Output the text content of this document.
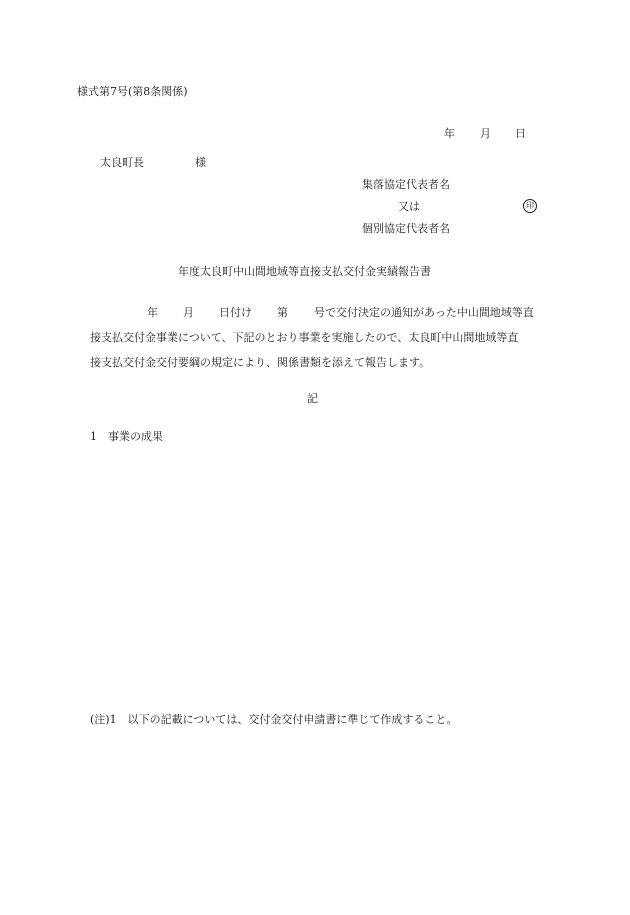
様式第7号(第8条関係)
年 月 日
太良町長	様
集落協定代表者名
又は	印
個別協定代表者名
年度太良町中山間地域等直接支払交付金実績報告書
年 月 日付け 第 号で交付決定の通知があった中山間地域等直
接支払交付金事業について、下記のとおり事業を実施したので、太良町中山間地域等直
接支払交付金交付要綱の規定により、関係書類を添えて報告します。
記
1　事業の成果
(注)1　以下の記載については、交付金交付申請書に準じて作成すること。
